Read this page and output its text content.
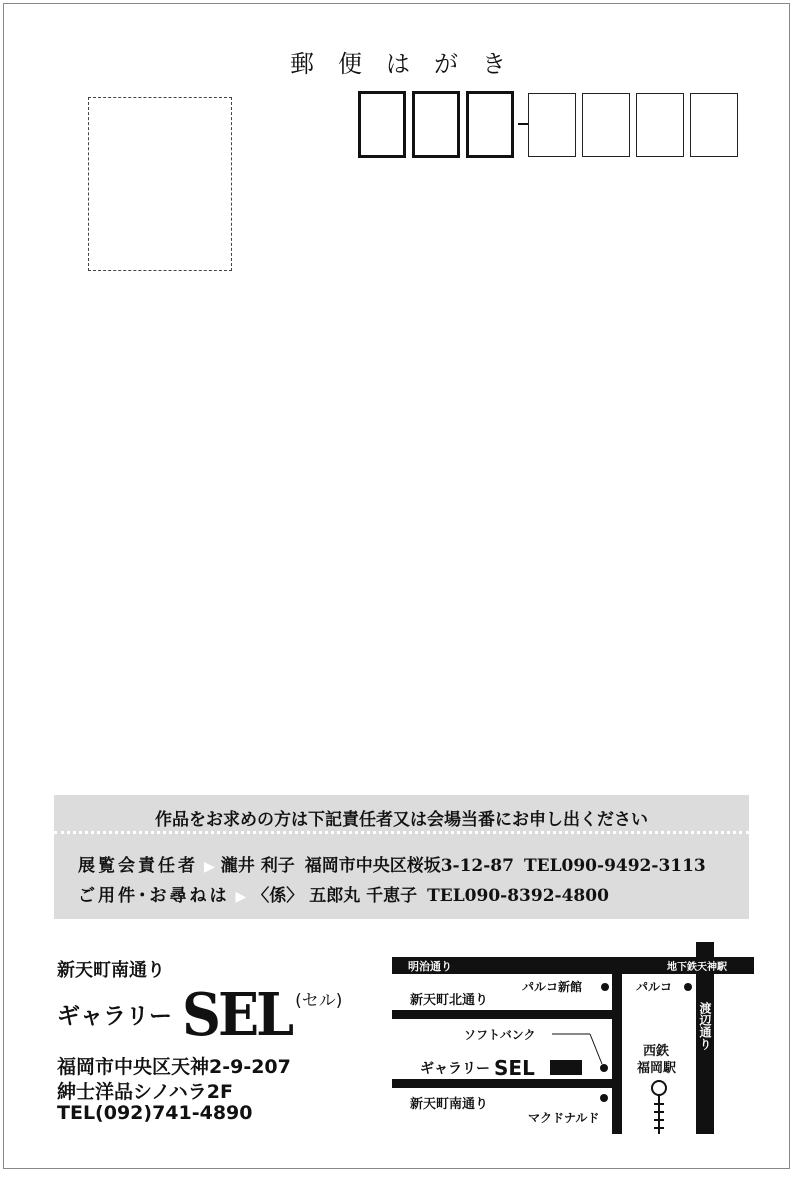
郵便はがき
作品をお求めの方は下記責任者又は会場当番にお申し出ください
展覧会責任者 ▶ 瀧井 利子 福岡市中央区桜坂3-12-87 TEL090-9492-3113
ご用件･お尋ねは ▶ 〈係〉 五郎丸 千恵子 TEL090-8392-4800
新天町南通り
ギャラリー SEL (セル)
福岡市中央区天神2-9-207
紳士洋品シノハラ2F
TEL(092)741-4890
明治通り	地下鉄天神駅
パルコ新館	パルコ
新天町北通り
ソフトバンク
ギャラリー SEL
新天町南通り
マクドナルド
西鉄
福岡駅
渡辺通り
